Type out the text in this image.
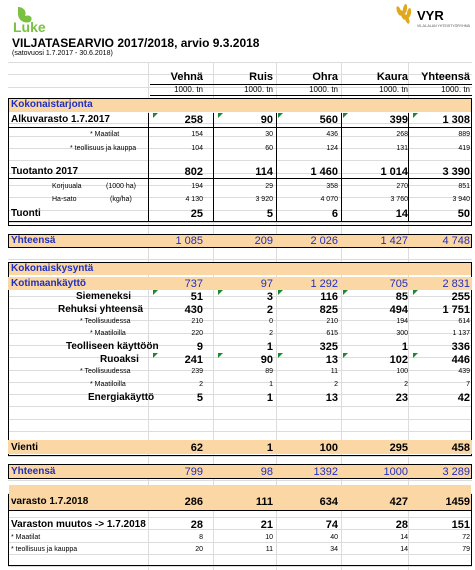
Luke
VYR
VILJA-ALAN YHTEISTYÖRYHMÄ
VILJATASEARVIO 2017/2018, arvio 9.3.2018
(satovuosi 1.7.2017 - 30.6.2018)
Vehnä	Ruis	Ohra	Kaura	Yhteensä
1000. tn	1000. tn	1000. tn	1000. tn	1000. tn
Kokonaistarjonta
Alkuvarasto 1.7.2017	258	90	560	399	1 308
* Maatilat	154	30	436	268	889
* teollisuus ja kauppa	104	60	124	131	419
Tuotanto 2017	802	114	1 460	1 014	3 390
Korjuuala	(1000 ha)	194	29	358	270	851
Ha-sato	(kg/ha)	4 130	3 920	4 070	3 760	3 940
Tuonti	25	5	6	14	50
Yhteensä	1 085	209	2 026	1 427	4 748
Kokonaiskysyntä
Kotimaankäyttö	737	97	1 292	705	2 831
Siemeneksi	51	3	116	85	255
Rehuksi yhteensä	430	2	825	494	1 751
* Teollisuudessa	210	0	210	194	614
* Maatiloilla	220	2	615	300	1 137
Teolliseen käyttöön	9	1	325	1	336
Ruoaksi	241	90	13	102	446
* Teollisuudessa	239	89	11	100	439
* Maatiloilla	2	1	2	2	7
Energiakäyttö	5	1	13	23	42
Vienti	62	1	100	295	458
Yhteensä	799	98	1392	1000	3 289
varasto 1.7.2018	286	111	634	427	1459
Varaston muutos -> 1.7.2018	28	21	74	28	151
* Maatilat	8	10	40	14	72
* teollisuus ja kauppa	20	11	34	14	79
